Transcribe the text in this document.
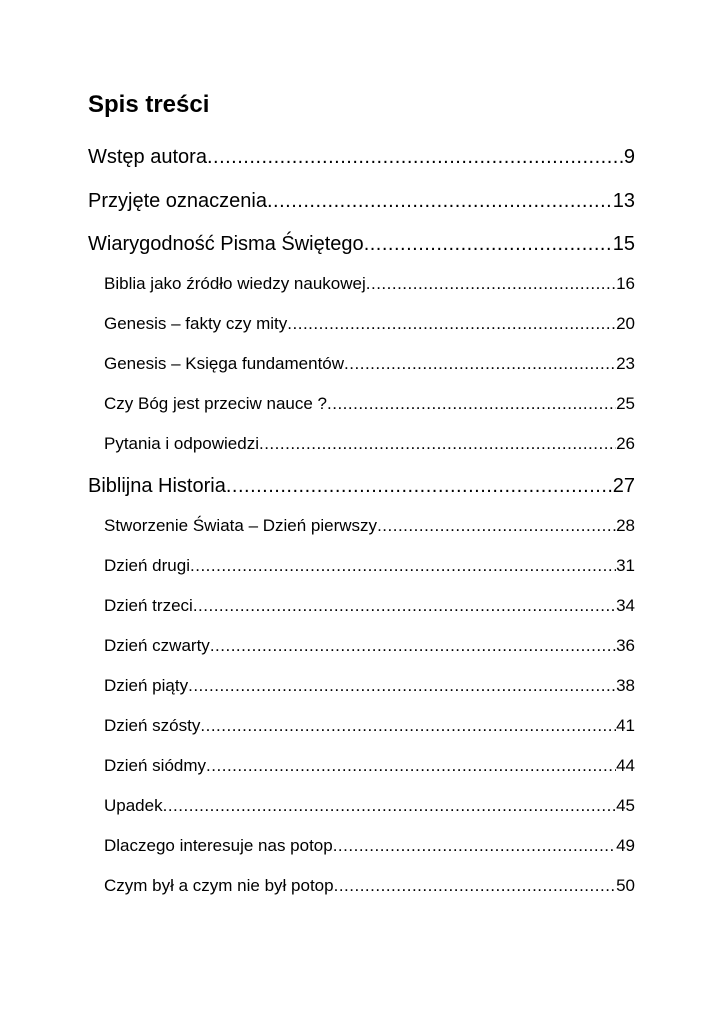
Spis treści
Wstęp autora .....	9
Przyjęte oznaczenia .....	13
Wiarygodność Pisma Świętego .....	15
Biblia jako źródło wiedzy naukowej .....	16
Genesis – fakty czy mity .....	20
Genesis – Księga fundamentów .....	23
Czy Bóg jest przeciw nauce ? .....	25
Pytania i odpowiedzi .....	26
Biblijna Historia .....	27
Stworzenie Świata – Dzień pierwszy .....	28
Dzień drugi .....	31
Dzień trzeci .....	34
Dzień czwarty .....	36
Dzień piąty .....	38
Dzień szósty .....	41
Dzień siódmy .....	44
Upadek .....	45
Dlaczego interesuje nas potop .....	49
Czym był a czym nie był potop .....	50
